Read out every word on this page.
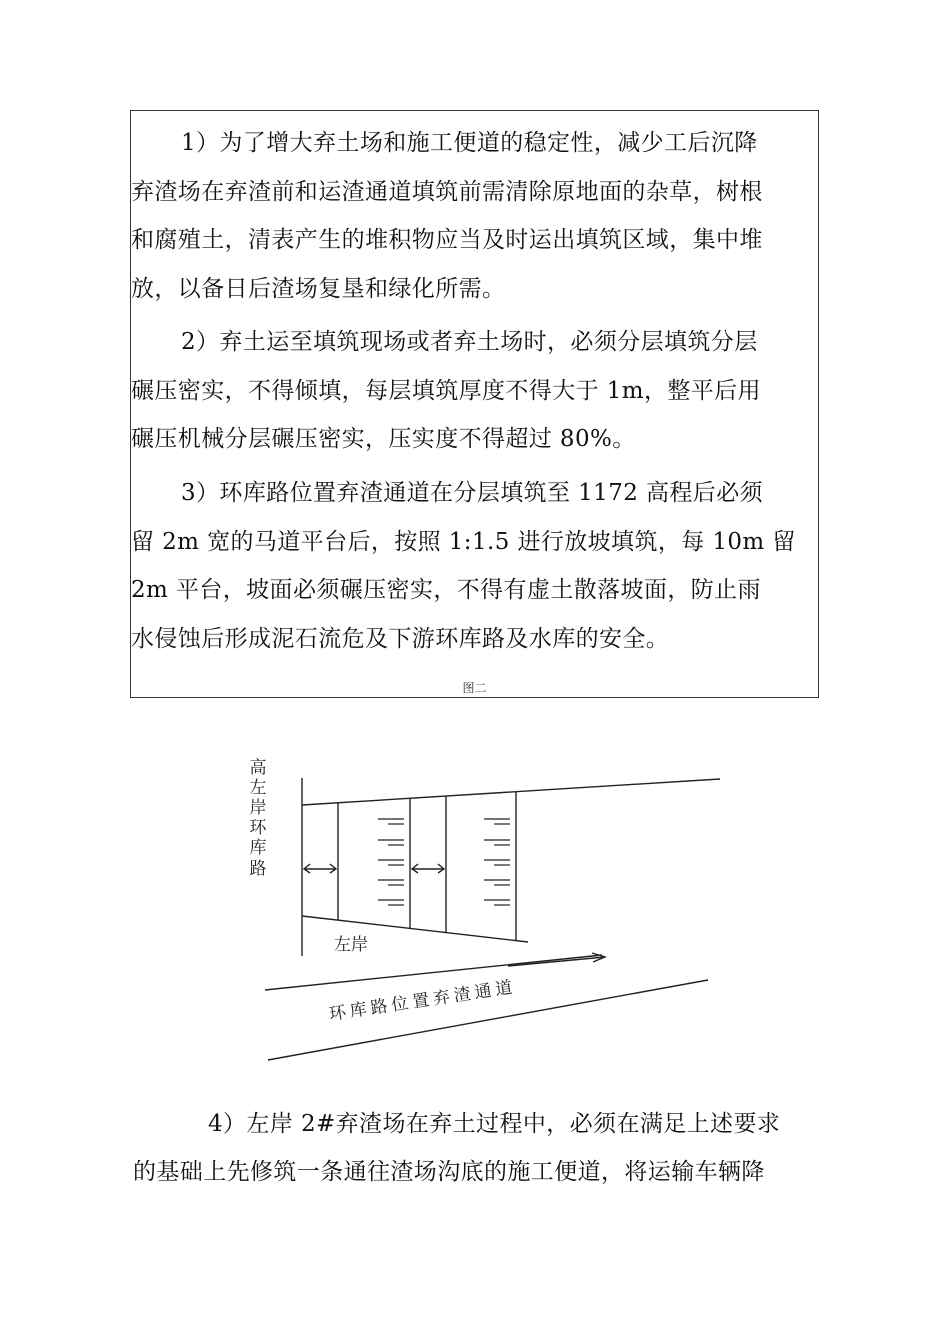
1）为了增大弃土场和施工便道的稳定性，减少工后沉降
弃渣场在弃渣前和运渣通道填筑前需清除原地面的杂草，树根
和腐殖土，清表产生的堆积物应当及时运出填筑区域，集中堆
放，以备日后渣场复垦和绿化所需。

2）弃土运至填筑现场或者弃土场时，必须分层填筑分层
碾压密实，不得倾填，每层填筑厚度不得大于 1m，整平后用
碾压机械分层碾压密实，压实度不得超过 80%。

3）环库路位置弃渣通道在分层填筑至 1172 高程后必须
留 2m 宽的马道平台后，按照 1:1.5 进行放坡填筑，每 10m 留
2m 平台，坡面必须碾压密实，不得有虚土散落坡面，防止雨
水侵蚀后形成泥石流危及下游环库路及水库的安全。

图二
高
左
岸
环
库
路
左岸
环库路位置弃渣通道

4）左岸 2#弃渣场在弃土过程中，必须在满足上述要求
的基础上先修筑一条通往渣场沟底的施工便道，将运输车辆降
